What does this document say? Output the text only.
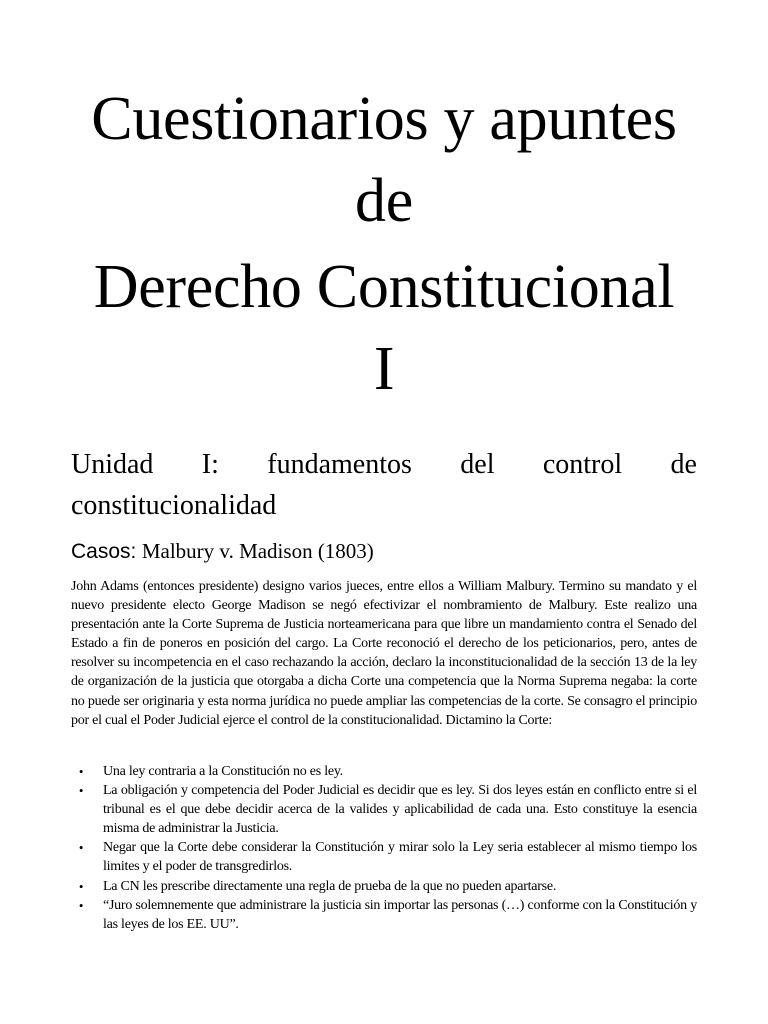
Cuestionarios y apuntes
de
Derecho Constitucional
I
Unidad I: fundamentos del control de
constitucionalidad
Casos: Malbury v. Madison (1803)

John Adams (entonces presidente) designo varios jueces, entre ellos a William Malbury. Termino su mandato y el nuevo presidente electo George Madison se negó efectivizar el nombramiento de Malbury. Este realizo una presentación ante la Corte Suprema de Justicia norteamericana para que libre un mandamiento contra el Senado del Estado a fin de poneros en posición del cargo. La Corte reconoció el derecho de los peticionarios, pero, antes de resolver su incompetencia en el caso rechazando la acción, declaro la inconstitucionalidad de la sección 13 de la ley de organización de la justicia que otorgaba a dicha Corte una competencia que la Norma Suprema negaba: la corte no puede ser originaria y esta norma jurídica no puede ampliar las competencias de la corte. Se consagro el principio por el cual el Poder Judicial ejerce el control de la constitucionalidad. Dictamino la Corte:

• Una ley contraria a la Constitución no es ley.
• La obligación y competencia del Poder Judicial es decidir que es ley. Si dos leyes están en conflicto entre si el tribunal es el que debe decidir acerca de la valides y aplicabilidad de cada una. Esto constituye la esencia misma de administrar la Justicia.
• Negar que la Corte debe considerar la Constitución y mirar solo la Ley seria establecer al mismo tiempo los limites y el poder de transgredirlos.
• La CN les prescribe directamente una regla de prueba de la que no pueden apartarse.
• “Juro solemnemente que administrare la justicia sin importar las personas (…) conforme con la Constitución y las leyes de los EE. UU”.
